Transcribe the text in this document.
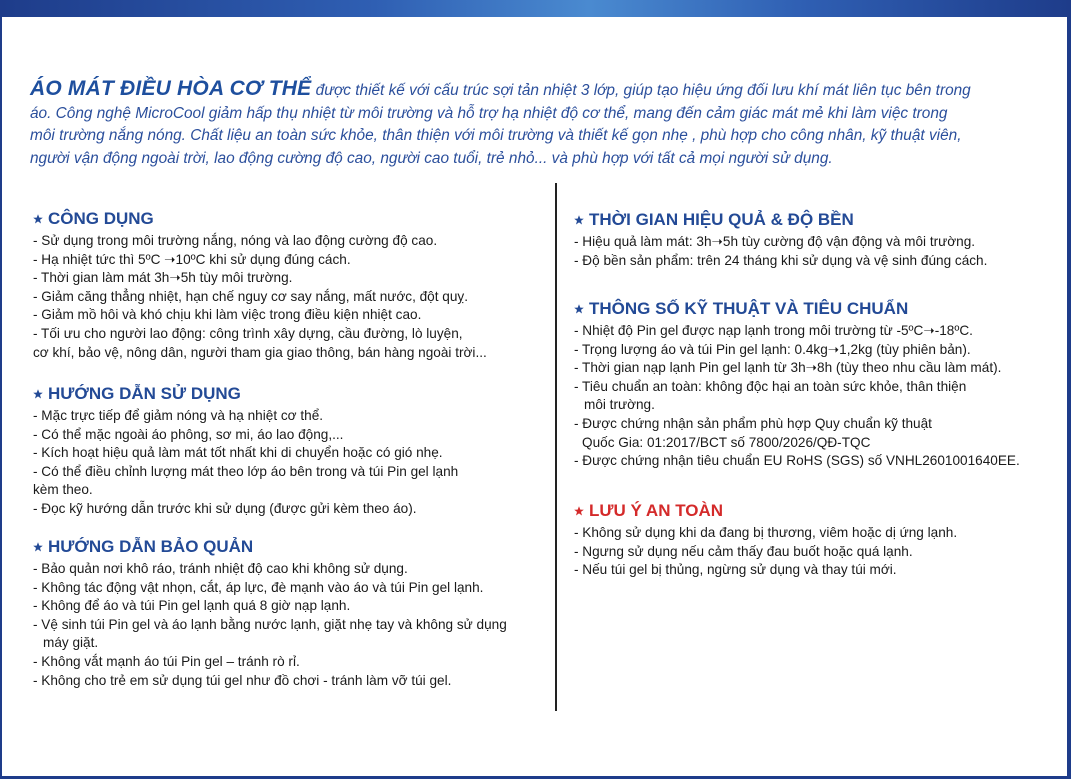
ÁO MÁT ĐIỀU HÒA CƠ THỂ được thiết kế với cấu trúc sợi tản nhiệt 3 lớp, giúp tạo hiệu ứng đối lưu khí mát liên tục bên trong
áo. Công nghệ MicroCool giảm hấp thụ nhiệt từ môi trường và hỗ trợ hạ nhiệt độ cơ thể, mang đến cảm giác mát mẻ khi làm việc trong
môi trường nắng nóng. Chất liệu an toàn sức khỏe, thân thiện với môi trường và thiết kế gọn nhẹ , phù hợp cho công nhân, kỹ thuật viên,
người vận động ngoài trời, lao động cường độ cao, người cao tuổi, trẻ nhỏ... và phù hợp với tất cả mọi người sử dụng.
CÔNG DỤNG
- Sử dụng trong môi trường nắng, nóng và lao động cường độ cao.
- Hạ nhiệt tức thì 5ºC ➝10ºC khi sử dụng đúng cách.
- Thời gian làm mát 3h➝5h tùy môi trường.
- Giảm căng thẳng nhiệt, hạn chế nguy cơ say nắng, mất nước, đột quỵ.
- Giảm mồ hôi và khó chịu khi làm việc trong điều kiện nhiệt cao.
- Tối ưu cho người lao động: công trình xây dựng, cầu đường, lò luyện,
cơ khí, bảo vệ, nông dân, người tham gia giao thông, bán hàng ngoài trời...
HƯỚNG DẪN SỬ DỤNG
- Mặc trực tiếp để giảm nóng và hạ nhiệt cơ thể.
- Có thể mặc ngoài áo phông, sơ mi, áo lao động,...
- Kích hoạt hiệu quả làm mát tốt nhất khi di chuyển hoặc có gió nhẹ.
- Có thể điều chỉnh lượng mát theo lớp áo bên trong và túi Pin gel lạnh
kèm theo.
- Đọc kỹ hướng dẫn trước khi sử dụng (được gửi kèm theo áo).
HƯỚNG DẪN BẢO QUẢN
- Bảo quản nơi khô ráo, tránh nhiệt độ cao khi không sử dụng.
- Không tác động vật nhọn, cắt, áp lực, đè mạnh vào áo và túi Pin gel lạnh.
- Không để áo và túi Pin gel lạnh quá 8 giờ nạp lạnh.
- Vệ sinh túi Pin gel và áo lạnh bằng nước lạnh, giặt nhẹ tay và không sử dụng
máy giặt.
- Không vắt mạnh áo túi Pin gel – tránh rò rỉ.
- Không cho trẻ em sử dụng túi gel như đồ chơi - tránh làm vỡ túi gel.
THỜI GIAN HIỆU QUẢ & ĐỘ BỀN
- Hiệu quả làm mát: 3h➝5h tùy cường độ vận động và môi trường.
- Độ bền sản phẩm: trên 24 tháng khi sử dụng và vệ sinh đúng cách.
THÔNG SỐ KỸ THUẬT VÀ TIÊU CHUẨN
- Nhiệt độ Pin gel được nạp lạnh trong môi trường từ -5ºC➝-18ºC.
- Trọng lượng áo và túi Pin gel lạnh: 0.4kg➝1,2kg (tùy phiên bản).
- Thời gian nạp lạnh Pin gel lạnh từ 3h➝8h (tùy theo nhu cầu làm mát).
- Tiêu chuẩn an toàn: không độc hại an toàn sức khỏe, thân thiện
môi trường.
- Được chứng nhận sản phẩm phù hợp Quy chuẩn kỹ thuật
Quốc Gia: 01:2017/BCT số 7800/2026/QĐ-TQC
- Được chứng nhận tiêu chuẩn EU RoHS (SGS) số VNHL2601001640EE.
LƯU Ý AN TOÀN
- Không sử dụng khi da đang bị thương, viêm hoặc dị ứng lạnh.
- Ngưng sử dụng nếu cảm thấy đau buốt hoặc quá lạnh.
- Nếu túi gel bị thủng, ngừng sử dụng và thay túi mới.
